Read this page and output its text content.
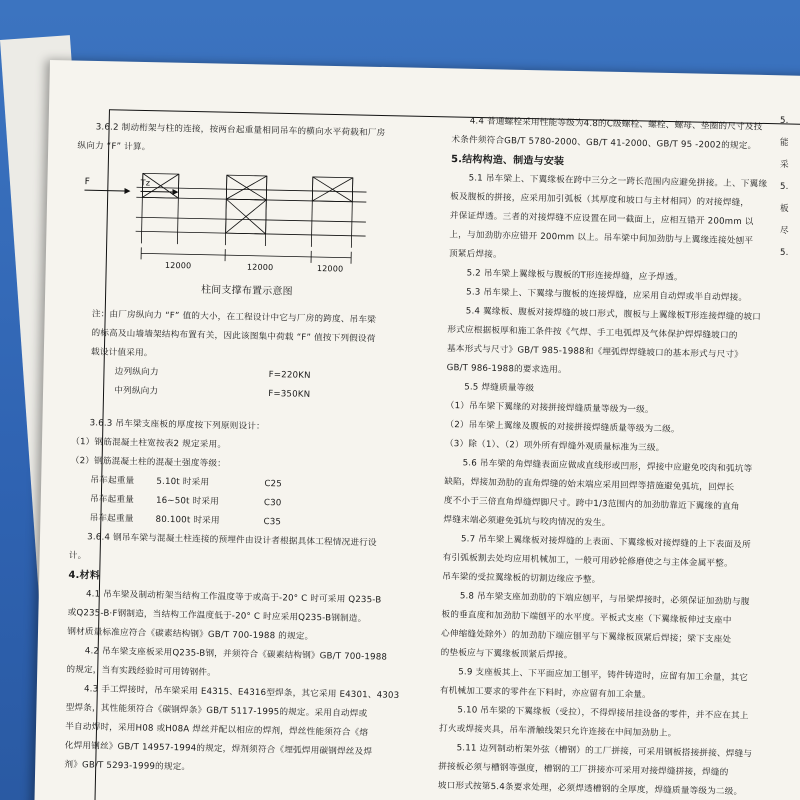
3.6.2 制动桁架与柱的连接，按两台起重量相同吊车的横向水平荷载和厂房

纵向力 “F” 计算。

F	Tz
12000	12000	12000

柱间支撑布置示意图

注：由厂房纵向力 “F” 值的大小，在工程设计中它与厂房的跨度、吊车梁

的标高及山墙墙架结构布置有关，因此该图集中荷载 “F” 值按下列假设荷

载设计值采用。

边列纵向力	F=220KN
中列纵向力	F=350KN

3.6.3 吊车梁支座板的厚度按下列原则设计：

（1）钢筋混凝土柱宽按表2 规定采用。

（2）钢筋混凝土柱的混凝土强度等级：

吊车起重量	5.10t 时采用	C25
吊车起重量	16~50t 时采用	C30
吊车起重量	80.100t 时采用	C35

3.6.4 钢吊车梁与混凝土柱连接的预埋件由设计者根据具体工程情况进行设

计。

4.材料

4.1 吊车梁及制动桁架当结构工作温度等于或高于-20° C 时可采用 Q235-B

或Q235-B·F钢制造，当结构工作温度低于-20° C 时应采用Q235-B钢制造。

钢材质量标准应符合《碳素结构钢》GB/T 700-1988 的规定。

4.2 吊车梁支座板采用Q235-B钢，并须符合《碳素结构钢》GB/T 700-1988

的规定，当有实践经验时可用铸钢件。

4.3 手工焊接时，吊车梁采用 E4315、E4316型焊条，其它采用 E4301、4303

型焊条，其性能须符合《碳钢焊条》GB/T 5117-1995的规定。采用自动焊或

半自动焊时，采用H08 或H08A 焊丝并配以相应的焊剂，焊丝性能须符合《熔

化焊用钢丝》GB/T 14957-1994的规定，焊剂须符合《埋弧焊用碳钢焊丝及焊

剂》GB/T 5293-1999的规定。

4.4 普通螺栓采用性能等级为4.8的C级螺栓、螺栓、螺母、垫圈的尺寸及技

术条件须符合GB/T 5780-2000、GB/T 41-2000、GB/T 95 -2002的规定。

5.结构构造、制造与安装

5.1 吊车梁上、下翼缘板在跨中三分之一跨长范围内应避免拼接。上、下翼缘

板及腹板的拼接，应采用加引弧板（其厚度和坡口与主材相同）的对接焊缝，

并保证焊透。三者的对接焊缝不应设置在同一截面上，应相互错开 200mm 以

上，与加劲肋亦应错开 200mm 以上。吊车梁中间加劲肋与上翼缘连接处刨平

顶紧后焊接。

5.2 吊车梁上翼缘板与腹板的T形连接焊缝，应予焊透。

5.3 吊车梁上、下翼缘与腹板的连接焊缝，应采用自动焊或半自动焊接。

5.4 翼缘板、腹板对接焊缝的坡口形式，腹板与上翼缘板T形连接焊缝的坡口

形式应根据板厚和施工条件按《气焊、手工电弧焊及气体保护焊焊缝坡口的

基本形式与尺寸》GB/T 985-1988和《埋弧焊焊缝坡口的基本形式与尺寸》

GB/T 986-1988的要求选用。

5.5 焊缝质量等级

（1）吊车梁下翼缘的对接拼接焊缝质量等级为一级。

（2）吊车梁上翼缘及腹板的对接拼接焊缝质量等级为二级。

（3）除（1）、（2）项外所有焊缝外观质量标准为三级。

5.6 吊车梁的角焊缝表面应做成直线形或凹形，焊接中应避免咬肉和弧坑等

缺陷，焊接加劲肋的直角焊缝的始末端应采用回焊等措施避免弧坑，回焊长

度不小于三倍直角焊缝焊脚尺寸。跨中1/3范围内的加劲肋靠近下翼缘的直角

焊缝末端必须避免弧坑与咬肉情况的发生。

5.7 吊车梁上翼缘板对接焊缝的上表面、下翼缘板对接焊缝的上下表面及所

有引弧板割去处均应用机械加工，一般可用砂轮修磨使之与主体金属平整。

吊车梁的受拉翼缘板的切割边缘应予整。

5.8 吊车梁支座加劲肋的下端应刨平，与吊梁焊接时，必须保证加劲肋与腹

板的垂直度和加劲肋下端刨平的水平度。平板式支座（下翼缘板伸过支座中

心伸缩缝处除外）的加劲肋下端应刨平与下翼缘板顶紧后焊接；梁下支座处

的垫板应与下翼缘板顶紧后焊接。

5.9 支座板其上、下平面应加工刨平，铸件铸造时，应留有加工余量，其它

有机械加工要求的零件在下料时，亦应留有加工余量。

5.10 吊车梁的下翼缘板（受拉），不得焊接吊挂设备的零件，并不应在其上

打火或焊接夹具，吊车滑触线架只允许连接在中间加劲肋上。

5.11 边列制动桁架外弦（槽钢）的工厂拼接，可采用钢板搭接拼接、焊缝与

拼接板必须与槽钢等强度，槽钢的工厂拼接亦可采用对接焊缝拼接，焊缝的

坡口形式按第5.4条要求处理，必须焊透槽钢的全厚度，焊缝质量等级为二级。

5.

能

采

5.

板

尽

5.
